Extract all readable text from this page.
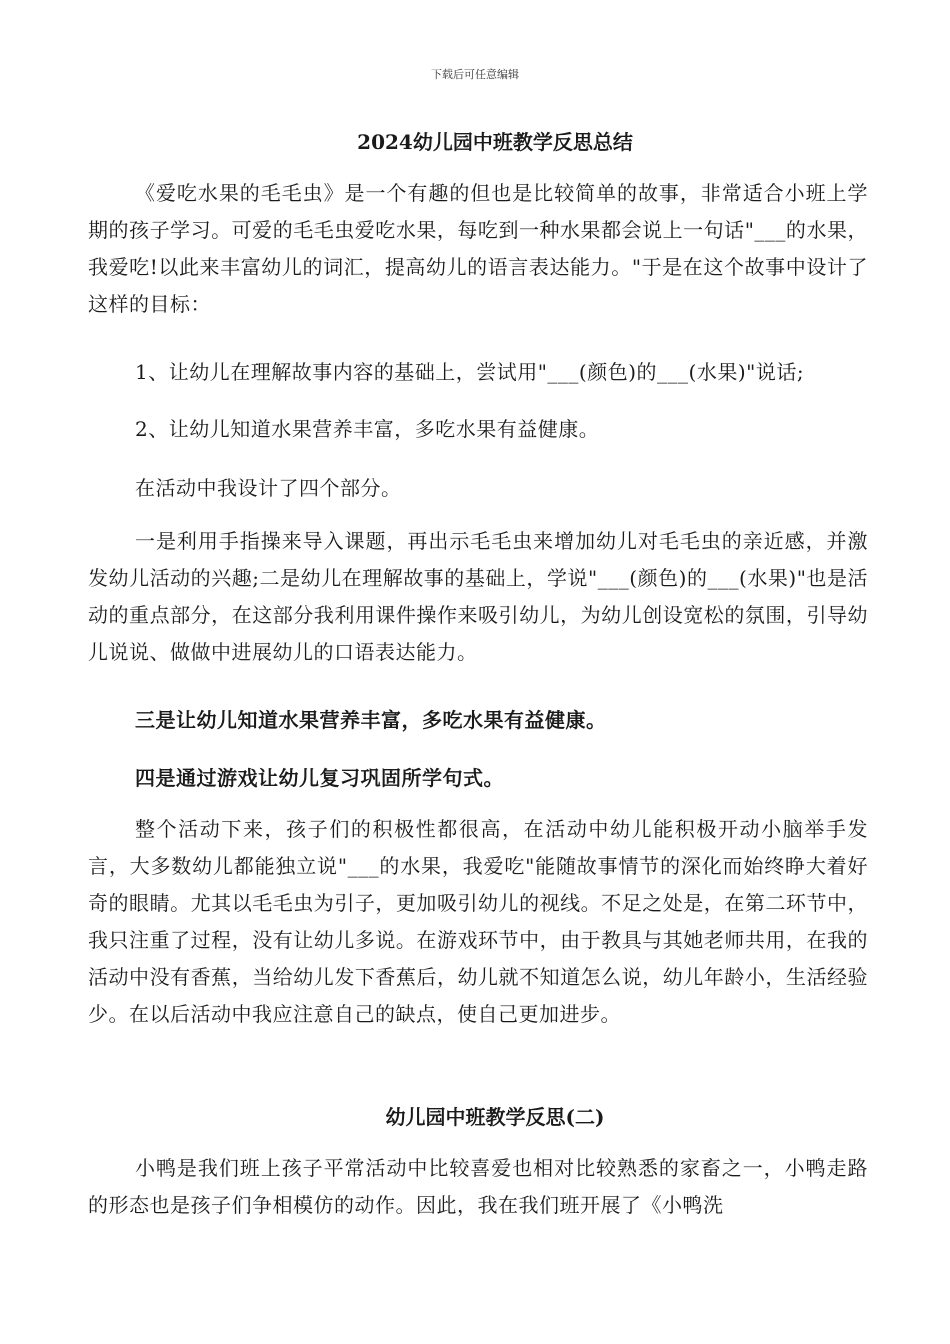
下载后可任意编辑
2024幼儿园中班教学反思总结
《爱吃水果的毛毛虫》是一个有趣的但也是比较简单的故事，非常适合小班上学期的孩子学习。可爱的毛毛虫爱吃水果，每吃到一种水果都会说上一句话"___的水果，我爱吃!以此来丰富幼儿的词汇，提高幼儿的语言表达能力。"于是在这个故事中设计了这样的目标：
1、让幼儿在理解故事内容的基础上，尝试用"___(颜色)的___(水果)"说话;
2、让幼儿知道水果营养丰富，多吃水果有益健康。
在活动中我设计了四个部分。
一是利用手指操来导入课题，再出示毛毛虫来增加幼儿对毛毛虫的亲近感，并激发幼儿活动的兴趣;二是幼儿在理解故事的基础上，学说"___(颜色)的___(水果)"也是活动的重点部分，在这部分我利用课件操作来吸引幼儿，为幼儿创设宽松的氛围，引导幼儿说说、做做中进展幼儿的口语表达能力。
三是让幼儿知道水果营养丰富，多吃水果有益健康。
四是通过游戏让幼儿复习巩固所学句式。
整个活动下来，孩子们的积极性都很高，在活动中幼儿能积极开动小脑举手发言，大多数幼儿都能独立说"___的水果，我爱吃"能随故事情节的深化而始终睁大着好奇的眼睛。尤其以毛毛虫为引子，更加吸引幼儿的视线。不足之处是，在第二环节中，我只注重了过程，没有让幼儿多说。在游戏环节中，由于教具与其她老师共用，在我的活动中没有香蕉，当给幼儿发下香蕉后，幼儿就不知道怎么说，幼儿年龄小，生活经验少。在以后活动中我应注意自己的缺点，使自己更加进步。
幼儿园中班教学反思(二)
小鸭是我们班上孩子平常活动中比较喜爱也相对比较熟悉的家畜之一，小鸭走路的形态也是孩子们争相模仿的动作。因此，我在我们班开展了《小鸭洗
